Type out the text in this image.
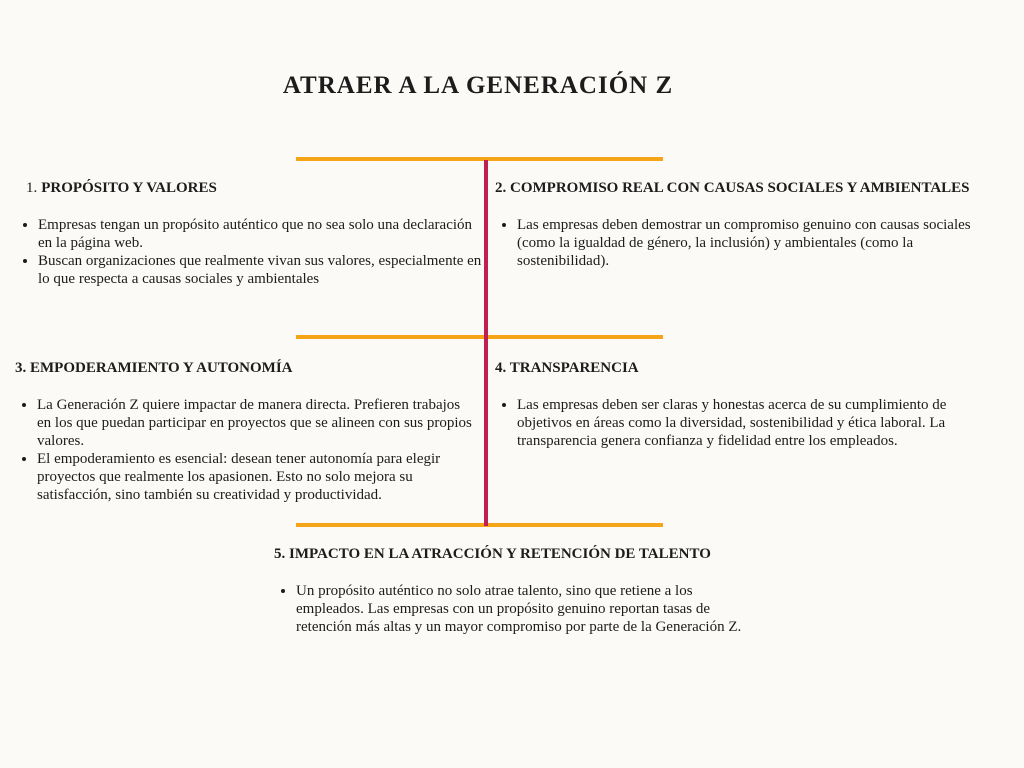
ATRAER A LA GENERACIÓN Z
1. PROPÓSITO Y VALORES
• Empresas tengan un propósito auténtico que no sea solo una declaración en la página web.
• Buscan organizaciones que realmente vivan sus valores, especialmente en lo que respecta a causas sociales y ambientales
2. COMPROMISO REAL CON CAUSAS SOCIALES Y AMBIENTALES
• Las empresas deben demostrar un compromiso genuino con causas sociales (como la igualdad de género, la inclusión) y ambientales (como la sostenibilidad).
3. EMPODERAMIENTO Y AUTONOMÍA
• La Generación Z quiere impactar de manera directa. Prefieren trabajos en los que puedan participar en proyectos que se alineen con sus propios valores.
• El empoderamiento es esencial: desean tener autonomía para elegir proyectos que realmente los apasionen. Esto no solo mejora su satisfacción, sino también su creatividad y productividad.
4. TRANSPARENCIA
• Las empresas deben ser claras y honestas acerca de su cumplimiento de objetivos en áreas como la diversidad, sostenibilidad y ética laboral. La transparencia genera confianza y fidelidad entre los empleados.
5. IMPACTO EN LA ATRACCIÓN Y RETENCIÓN DE TALENTO
• Un propósito auténtico no solo atrae talento, sino que retiene a los empleados. Las empresas con un propósito genuino reportan tasas de retención más altas y un mayor compromiso por parte de la Generación Z.
